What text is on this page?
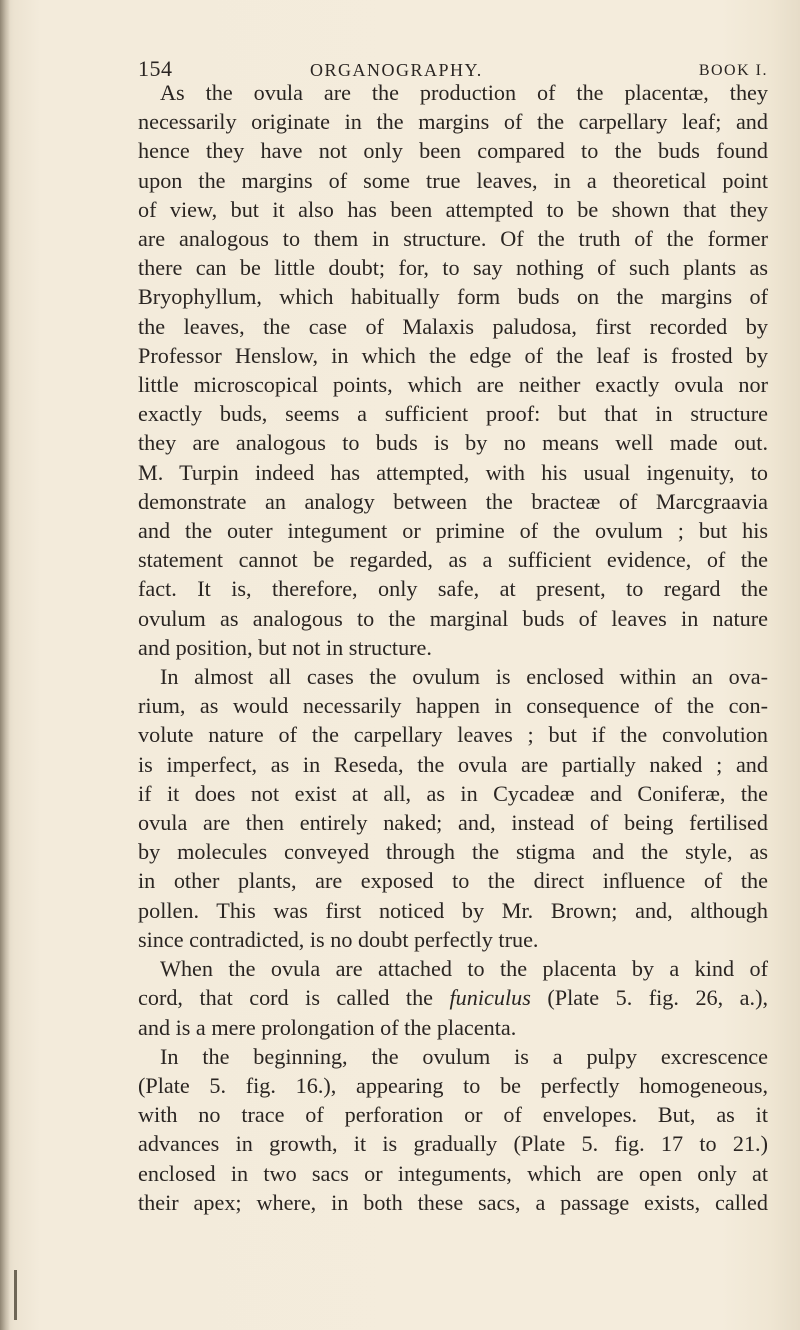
154	ORGANOGRAPHY.	BOOK I.
As the ovula are the production of the placentæ, they
necessarily originate in the margins of the carpellary leaf; and
hence they have not only been compared to the buds found
upon the margins of some true leaves, in a theoretical point
of view, but it also has been attempted to be shown that they
are analogous to them in structure. Of the truth of the former
there can be little doubt; for, to say nothing of such plants as
Bryophyllum, which habitually form buds on the margins of
the leaves, the case of Malaxis paludosa, first recorded by
Professor Henslow, in which the edge of the leaf is frosted by
little microscopical points, which are neither exactly ovula nor
exactly buds, seems a sufficient proof: but that in structure
they are analogous to buds is by no means well made out.
M. Turpin indeed has attempted, with his usual ingenuity, to
demonstrate an analogy between the bracteæ of Marcgraavia
and the outer integument or primine of the ovulum ; but his
statement cannot be regarded, as a sufficient evidence, of the
fact. It is, therefore, only safe, at present, to regard the
ovulum as analogous to the marginal buds of leaves in nature
and position, but not in structure.
In almost all cases the ovulum is enclosed within an ova-
rium, as would necessarily happen in consequence of the con-
volute nature of the carpellary leaves ; but if the convolution
is imperfect, as in Reseda, the ovula are partially naked ; and
if it does not exist at all, as in Cycadeæ and Coniferæ, the
ovula are then entirely naked; and, instead of being fertilised
by molecules conveyed through the stigma and the style, as
in other plants, are exposed to the direct influence of the
pollen. This was first noticed by Mr. Brown; and, although
since contradicted, is no doubt perfectly true.
When the ovula are attached to the placenta by a kind of
cord, that cord is called the funiculus (Plate 5. fig. 26, a.),
and is a mere prolongation of the placenta.
In the beginning, the ovulum is a pulpy excrescence
(Plate 5. fig. 16.), appearing to be perfectly homogeneous,
with no trace of perforation or of envelopes. But, as it
advances in growth, it is gradually (Plate 5. fig. 17 to 21.)
enclosed in two sacs or integuments, which are open only at
their apex; where, in both these sacs, a passage exists, called
